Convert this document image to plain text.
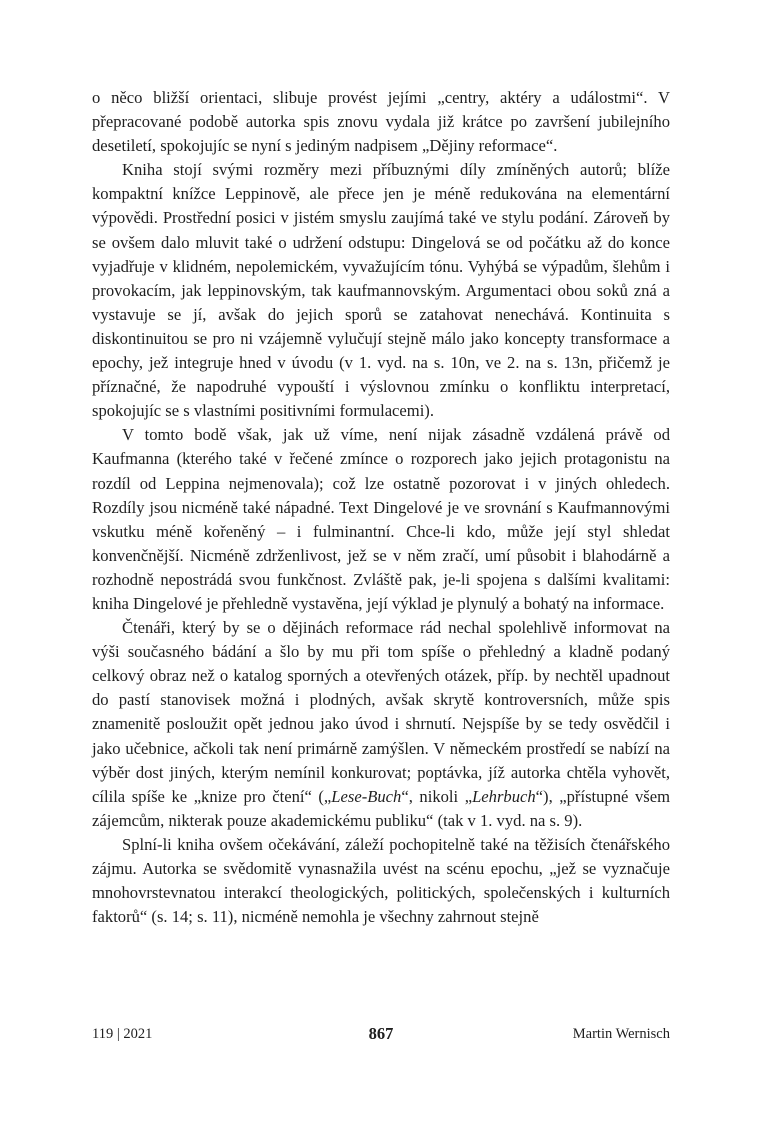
o něco bližší orientaci, slibuje provést jejími „centry, aktéry a událostmi“. V přepracované podobě autorka spis znovu vydala již krátce po završení jubilejního desetiletí, spokojujíc se nyní s jediným nadpisem „Dějiny reformace“.

Kniha stojí svými rozměry mezi příbuznými díly zmíněných autorů; blíže kompaktní knížce Leppinově, ale přece jen je méně redukována na elementární výpovědi. Prostřední posici v jistém smyslu zaujímá také ve stylu podání. Zároveň by se ovšem dalo mluvit také o udržení odstupu: Dingelová se od počátku až do konce vyjadřuje v klidném, nepolemickém, vyvažujícím tónu. Vyhýbá se výpadům, šlehům i provokacím, jak leppinovským, tak kaufmannovským. Argumentaci obou soků zná a vystavuje se jí, avšak do jejich sporů se zatahovat nenechává. Kontinuita s diskontinuitou se pro ni vzájemně vylučují stejně málo jako koncepty transformace a epochy, jež integruje hned v úvodu (v 1. vyd. na s. 10n, ve 2. na s. 13n, přičemž je příznačné, že napodruhé vypouští i výslovnou zmínku o konfliktu interpretací, spokojujíc se s vlastními positivními formulacemi).

V tomto bodě však, jak už víme, není nijak zásadně vzdálená právě od Kaufmanna (kterého také v řečené zmínce o rozporech jako jejich protagonistu na rozdíl od Leppina nejmenovala); což lze ostatně pozorovat i v jiných ohledech. Rozdíly jsou nicméně také nápadné. Text Dingelové je ve srovnání s Kaufmannovými vskutku méně kořeněný – i fulminantní. Chce-li kdo, může její styl shledat konvenčnější. Nicméně zdrženlivost, jež se v něm zračí, umí působit i blahodárně a rozhodně nepostrádá svou funkčnost. Zvláště pak, je-li spojena s dalšími kvalitami: kniha Dingelové je přehledně vystavěna, její výklad je plynulý a bohatý na informace.

Čtenáři, který by se o dějinách reformace rád nechal spolehlivě informovat na výši současného bádání a šlo by mu při tom spíše o přehledný a kladně podaný celkový obraz než o katalog sporných a otevřených otázek, příp. by nechtěl upadnout do pastí stanovisek možná i plodných, avšak skrytě kontroversních, může spis znamenitě posloužit opět jednou jako úvod i shrnutí. Nejspíše by se tedy osvědčil i jako učebnice, ačkoli tak není primárně zamýšlen. V německém prostředí se nabízí na výběr dost jiných, kterým nemínil konkurovat; poptávka, jíž autorka chtěla vyhovět, cílila spíše ke „knize pro čtení“ („Lese-Buch“, nikoli „Lehrbuch“), „přístupné všem zájemcům, nikterak pouze akademickému publiku“ (tak v 1. vyd. na s. 9).

Splní-li kniha ovšem očekávání, záleží pochopitelně také na těžisích čtenářského zájmu. Autorka se svědomitě vynasnažila uvést na scénu epochu, „jež se vyznačuje mnohovrstevnatou interakcí theologických, politických, společenských i kulturních faktorů“ (s. 14; s. 11), nicméně nemohla je všechny zahrnout stejně

119 | 2021	867	Martin Wernisch
